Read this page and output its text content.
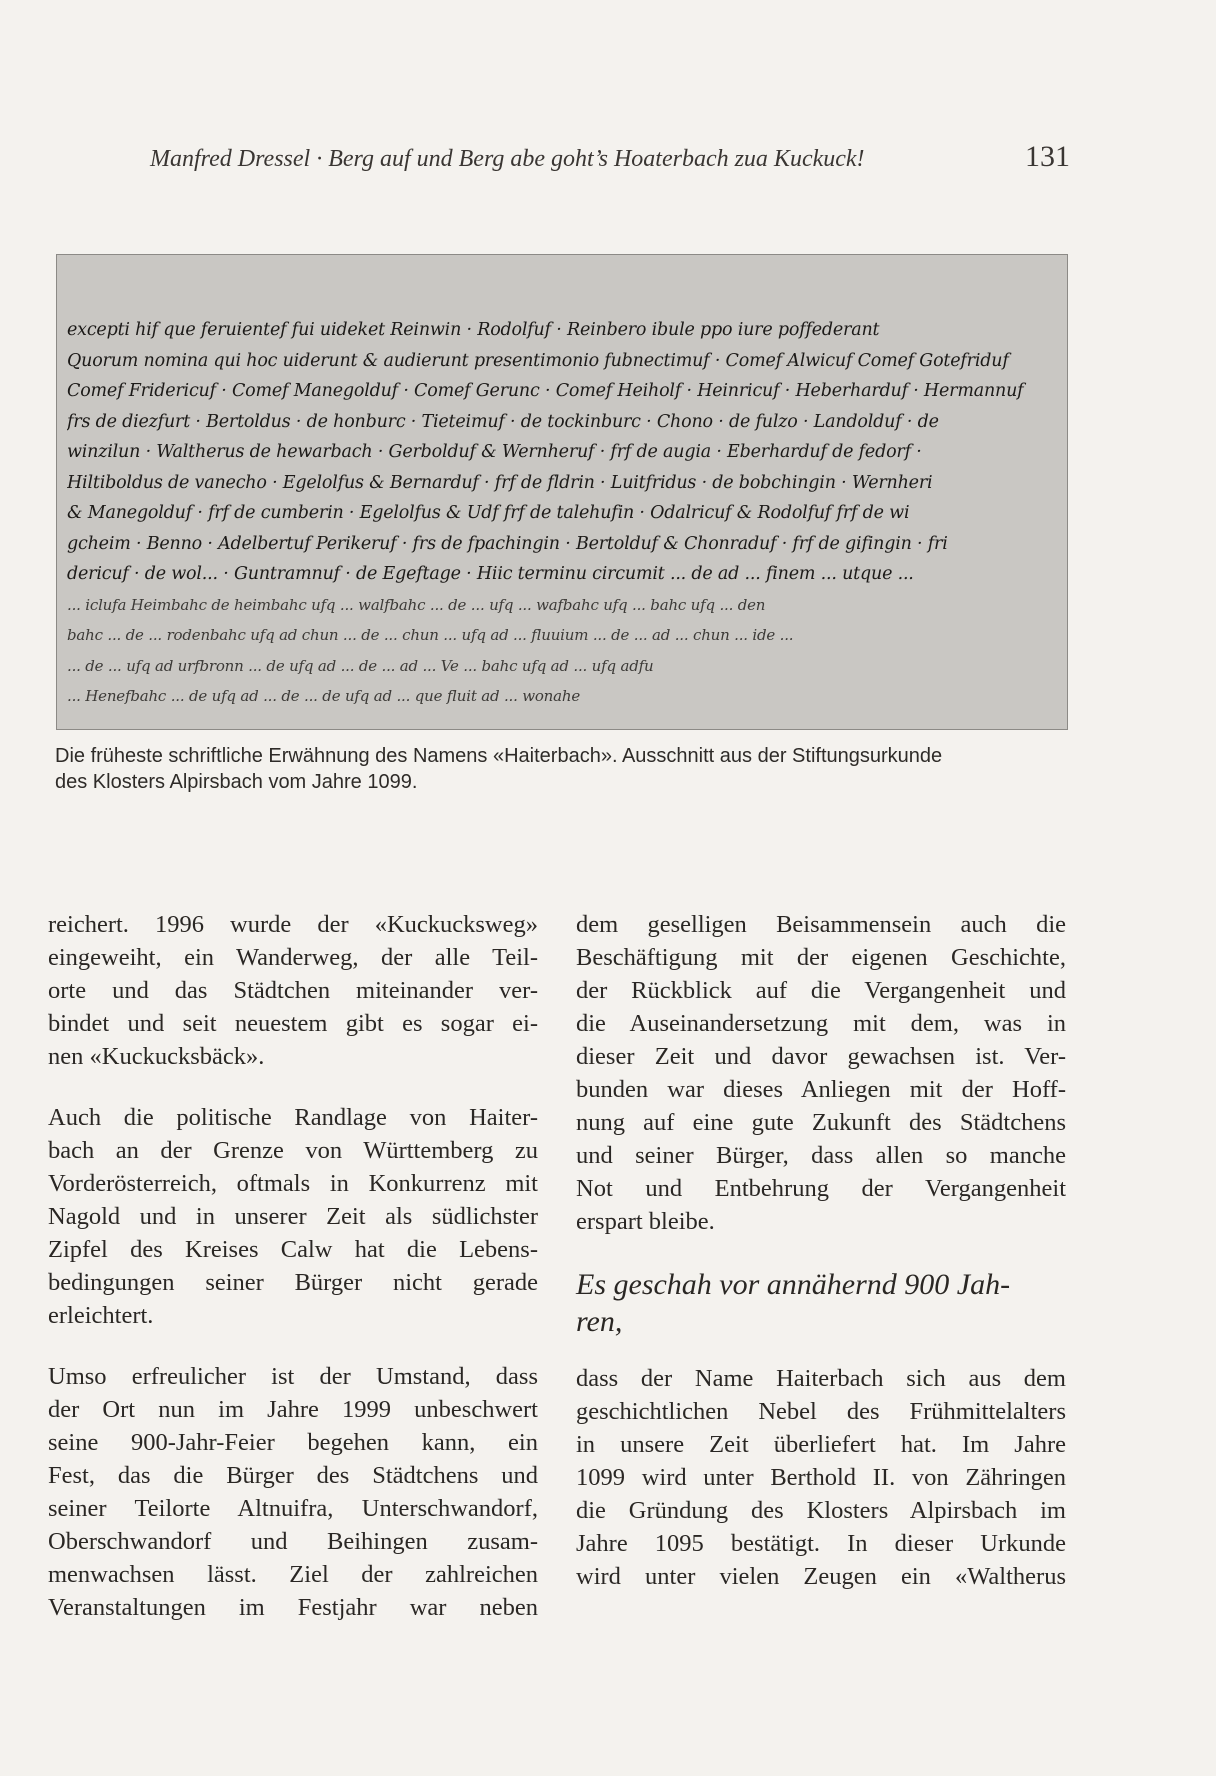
Manfred Dressel · Berg auf und Berg abe goht’s Hoaterbach zua Kuckuck!	131
excepti hif que feruientef fui uideket Reinwin · Rodolfuf · Reinbero ibule ppo iure poffederant
Quorum nomina qui hoc uiderunt & audierunt presentimonio fubnectimuf · Comef Alwicuf Comef Gotefriduf
Comef Fridericuf · Comef Manegolduf · Comef Gerunc · Comef Heiholf · Heinricuf · Heberharduf · Hermannuf
frs de diezfurt · Bertoldus · de honburc · Tieteimuf · de tockinburc · Chono · de fulzo · Landolduf · de
winzilun · Waltherus de hewarbach · Gerbolduf & Wernheruf · frf de augia · Eberharduf de fedorf ·
Hiltiboldus de vanecho · Egelolfus & Bernarduf · frf de fldrin · Luitfridus · de bobchingin · Wernheri
& Manegolduf · frf de cumberin · Egelolfus & Udf frf de talehufin · Odalricuf & Rodolfuf frf de wi
gcheim · Benno · Adelbertuf Perikeruf · frs de fpachingin · Bertolduf & Chonraduf · frf de gifingin · fri
dericuf · de wol... · Guntramnuf · de Egeftage · Hiic terminu circumit ... de ad ... finem ... utque ...
... iclufa Heimbahc de heimbahc ufq ... walfbahc ... de ... ufq ... wafbahc ufq ... bahc ufq ... den
bahc ... de ... rodenbahc ufq ad chun ... de ... chun ... ufq ad ... fluuium ... de ... ad ... chun ... ide ...
... de ... ufq ad urfbronn ... de ufq ad ... de ... ad ... Ve ... bahc ufq ad ... ufq adfu
... Henefbahc ... de ufq ad ... de ... de ufq ad ... que fluit ad ... wonahe
Die früheste schriftliche Erwähnung des Namens «Haiterbach». Ausschnitt aus der Stiftungsurkunde
des Klosters Alpirsbach vom Jahre 1099.

reichert. 1996 wurde der «Kuckucksweg»
eingeweiht, ein Wanderweg, der alle Teil-
orte und das Städtchen miteinander ver-
bindet und seit neuestem gibt es sogar ei-
nen «Kuckucksbäck».

Auch die politische Randlage von Haiter-
bach an der Grenze von Württemberg zu
Vorderösterreich, oftmals in Konkurrenz mit
Nagold und in unserer Zeit als südlichster
Zipfel des Kreises Calw hat die Lebens-
bedingungen seiner Bürger nicht gerade
erleichtert.

Umso erfreulicher ist der Umstand, dass
der Ort nun im Jahre 1999 unbeschwert
seine 900-Jahr-Feier begehen kann, ein
Fest, das die Bürger des Städtchens und
seiner Teilorte Altnuifra, Unterschwandorf,
Oberschwandorf und Beihingen zusam-
menwachsen lässt. Ziel der zahlreichen
Veranstaltungen im Festjahr war neben

dem geselligen Beisammensein auch die
Beschäftigung mit der eigenen Geschichte,
der Rückblick auf die Vergangenheit und
die Auseinandersetzung mit dem, was in
dieser Zeit und davor gewachsen ist. Ver-
bunden war dieses Anliegen mit der Hoff-
nung auf eine gute Zukunft des Städtchens
und seiner Bürger, dass allen so manche
Not und Entbehrung der Vergangenheit
erspart bleibe.

Es geschah vor annähernd 900 Jah-
ren,

dass der Name Haiterbach sich aus dem
geschichtlichen Nebel des Frühmittelalters
in unsere Zeit überliefert hat. Im Jahre
1099 wird unter Berthold II. von Zähringen
die Gründung des Klosters Alpirsbach im
Jahre 1095 bestätigt. In dieser Urkunde
wird unter vielen Zeugen ein «Waltherus
